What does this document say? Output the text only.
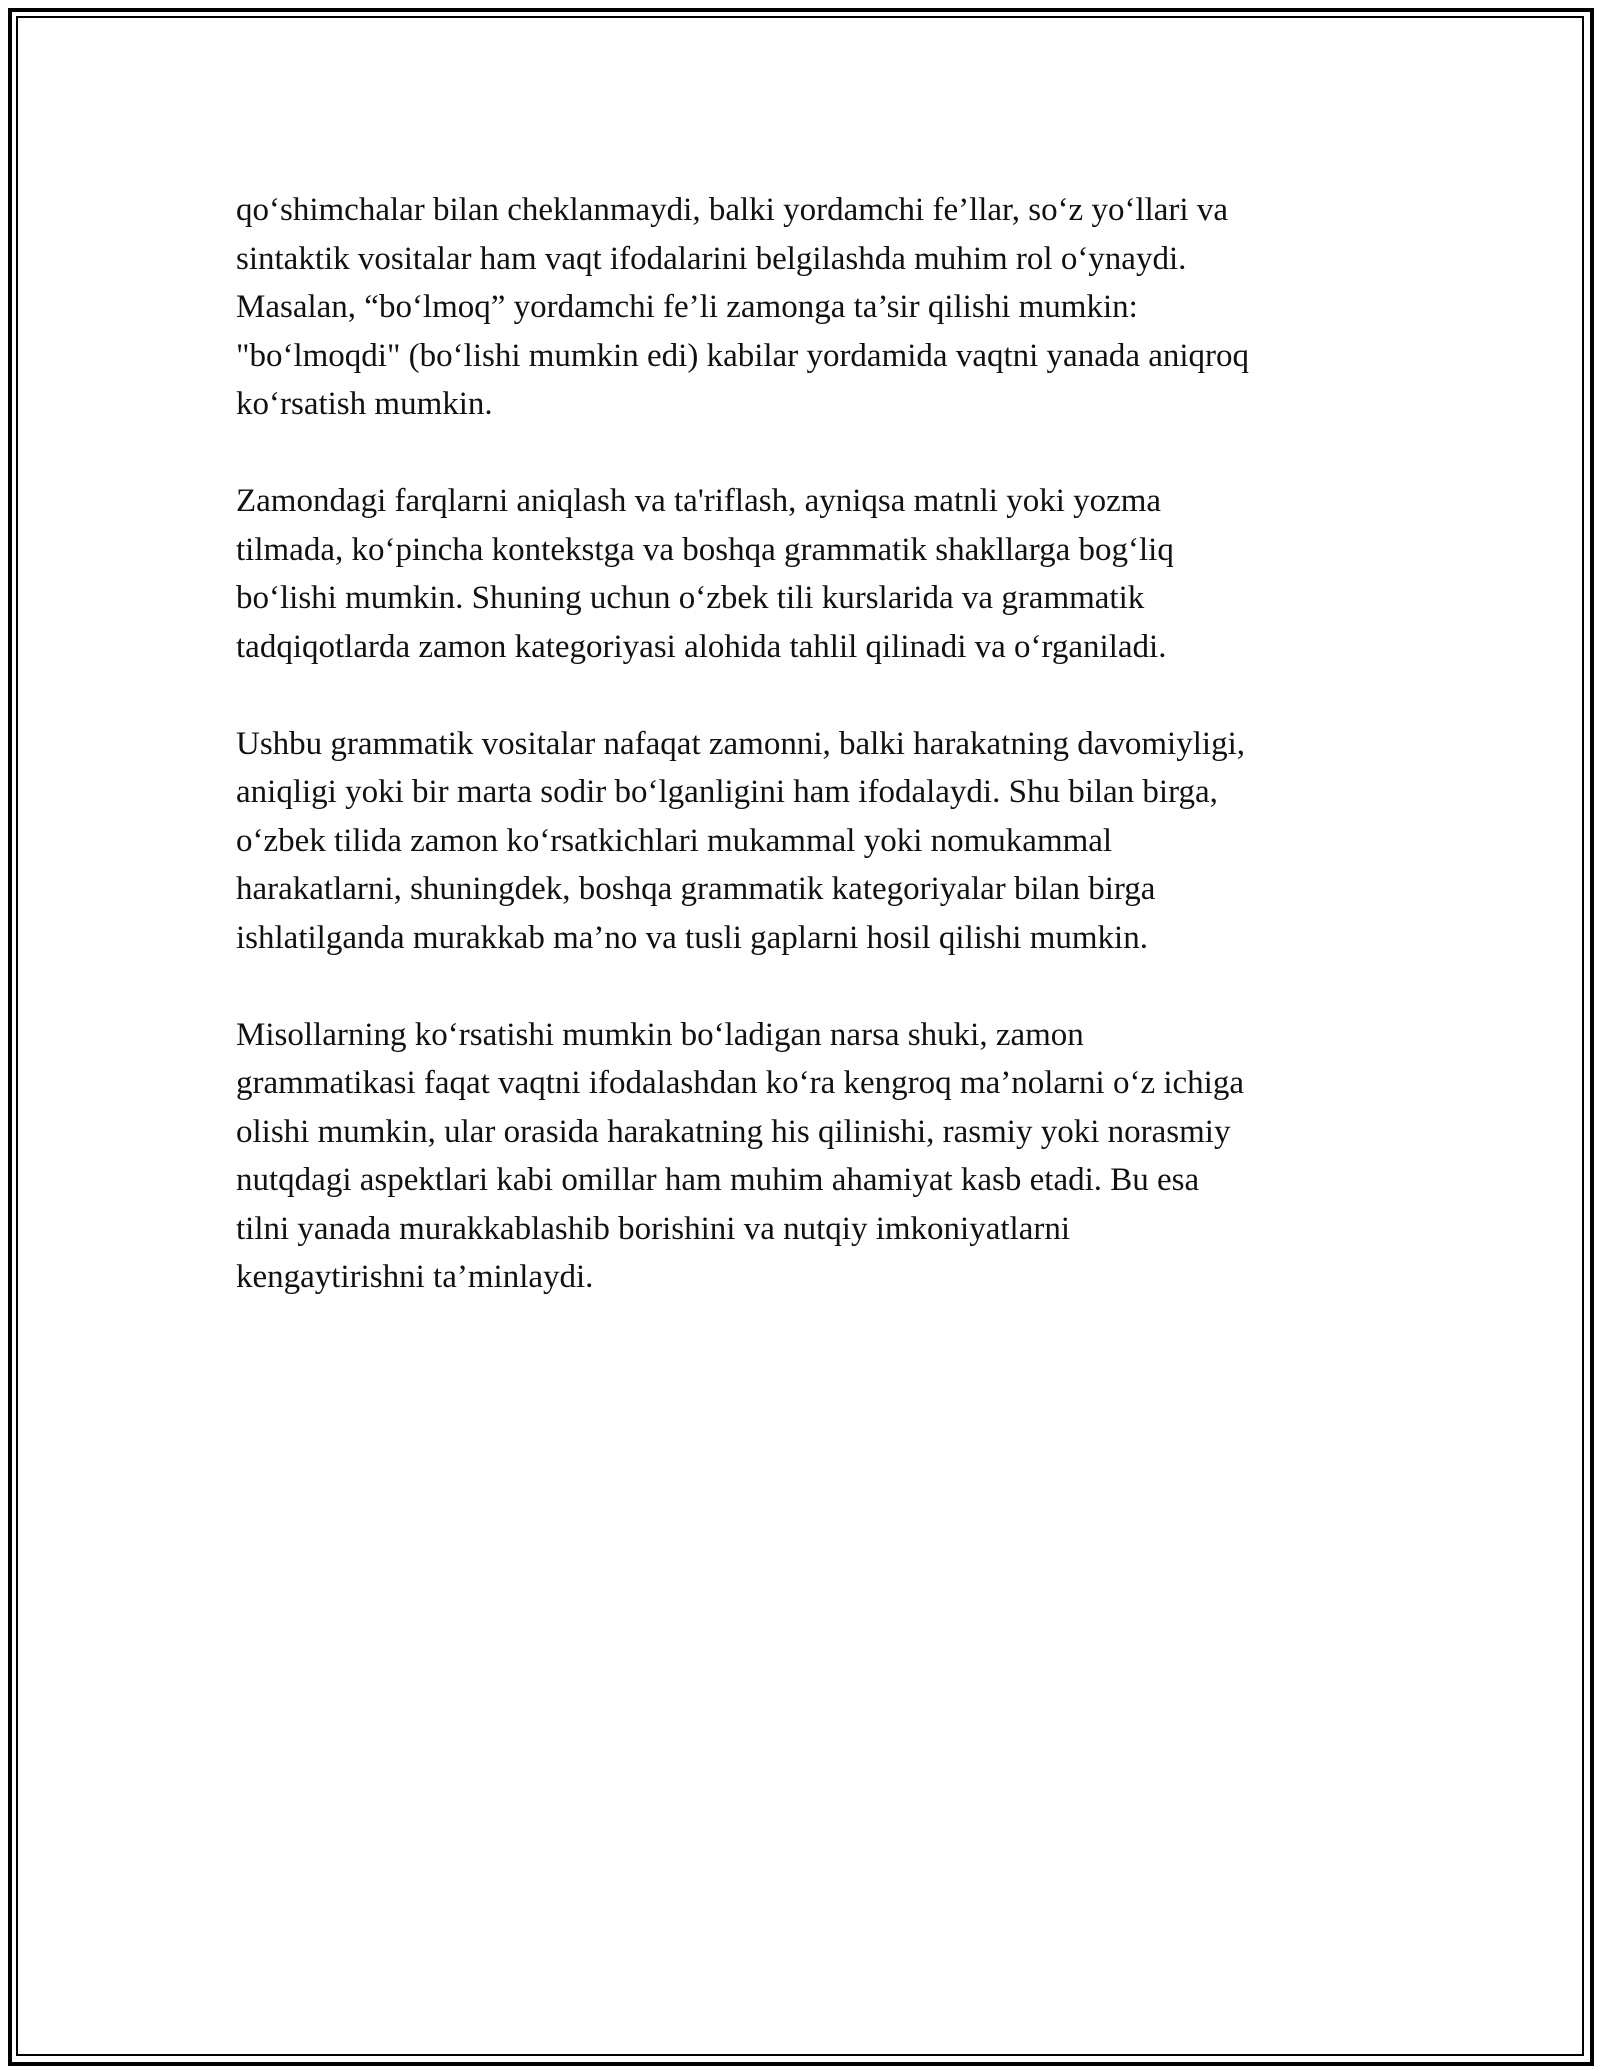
qo‘shimchalar bilan cheklanmaydi, balki yordamchi fe’llar, so‘z yo‘llari va
sintaktik vositalar ham vaqt ifodalarini belgilashda muhim rol o‘ynaydi.
Masalan, “bo‘lmoq” yordamchi fe’li zamonga ta’sir qilishi mumkin:
"bo‘lmoqdi" (bo‘lishi mumkin edi) kabilar yordamida vaqtni yanada aniqroq
ko‘rsatish mumkin.

Zamondagi farqlarni aniqlash va ta'riflash, ayniqsa matnli yoki yozma
tilmada, ko‘pincha kontekstga va boshqa grammatik shakllarga bog‘liq
bo‘lishi mumkin. Shuning uchun o‘zbek tili kurslarida va grammatik
tadqiqotlarda zamon kategoriyasi alohida tahlil qilinadi va o‘rganiladi.

Ushbu grammatik vositalar nafaqat zamonni, balki harakatning davomiyligi,
aniqligi yoki bir marta sodir bo‘lganligini ham ifodalaydi. Shu bilan birga,
o‘zbek tilida zamon ko‘rsatkichlari mukammal yoki nomukammal
harakatlarni, shuningdek, boshqa grammatik kategoriyalar bilan birga
ishlatilganda murakkab ma’no va tusli gaplarni hosil qilishi mumkin.

Misollarning ko‘rsatishi mumkin bo‘ladigan narsa shuki, zamon
grammatikasi faqat vaqtni ifodalashdan ko‘ra kengroq ma’nolarni o‘z ichiga
olishi mumkin, ular orasida harakatning his qilinishi, rasmiy yoki norasmiy
nutqdagi aspektlari kabi omillar ham muhim ahamiyat kasb etadi. Bu esa
tilni yanada murakkablashib borishini va nutqiy imkoniyatlarni
kengaytirishni ta’minlaydi.
